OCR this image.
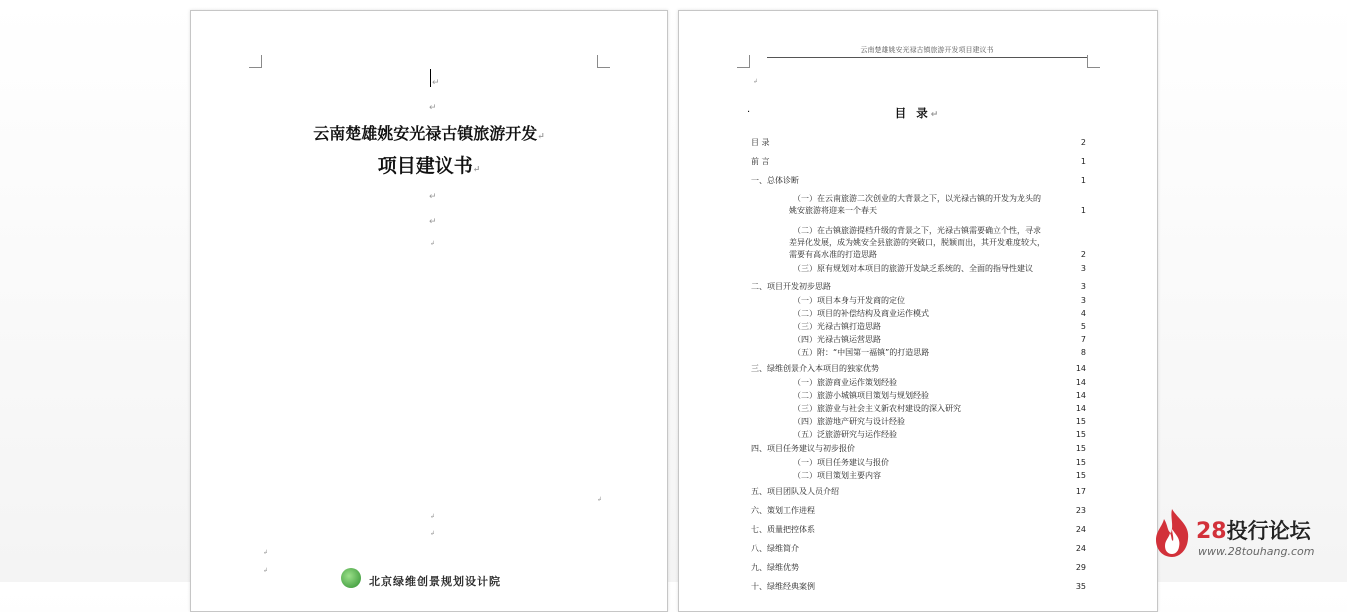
↵
↵
云南楚雄姚安光禄古镇旅游开发↵
项目建议书↵
↵
↵
↲
↲
↲
↲
↲
↲
北京绿维创景规划设计院
云南楚雄姚安光禄古镇旅游开发项目建议书
↲
·	目 录↵
目 录	2
前 言	1
一、总体诊断	1
（一）在云南旅游二次创业的大背景之下，以光禄古镇的开发为龙头的
姚安旅游将迎来一个春天	1
（二）在古镇旅游提档升级的背景之下，光禄古镇需要确立个性，寻求
差异化发展，成为姚安全县旅游的突破口，脱颖而出，其开发难度较大，
需要有高水准的打造思路	2
（三）原有规划对本项目的旅游开发缺乏系统的、全面的指导性建议	3
二、项目开发初步思路	3
（一）项目本身与开发商的定位	3
（二）项目的补偿结构及商业运作模式	4
（三）光禄古镇打造思路	5
（四）光禄古镇运营思路	7
（五）附：“中国第一福镇”的打造思路	8
三、绿维创景介入本项目的独家优势	14
（一）旅游商业运作策划经验	14
（二）旅游小城镇项目策划与规划经验	14
（三）旅游业与社会主义新农村建设的深入研究	14
（四）旅游地产研究与设计经验	15
（五）泛旅游研究与运作经验	15
四、项目任务建议与初步报价	15
（一）项目任务建议与报价	15
（二）项目策划主要内容	15
五、项目团队及人员介绍	17
六、策划工作进程	23
七、质量把控体系	24
八、绿维简介	24
九、绿维优势	29
十、绿维经典案例	35
28投行论坛
www.28touhang.com
